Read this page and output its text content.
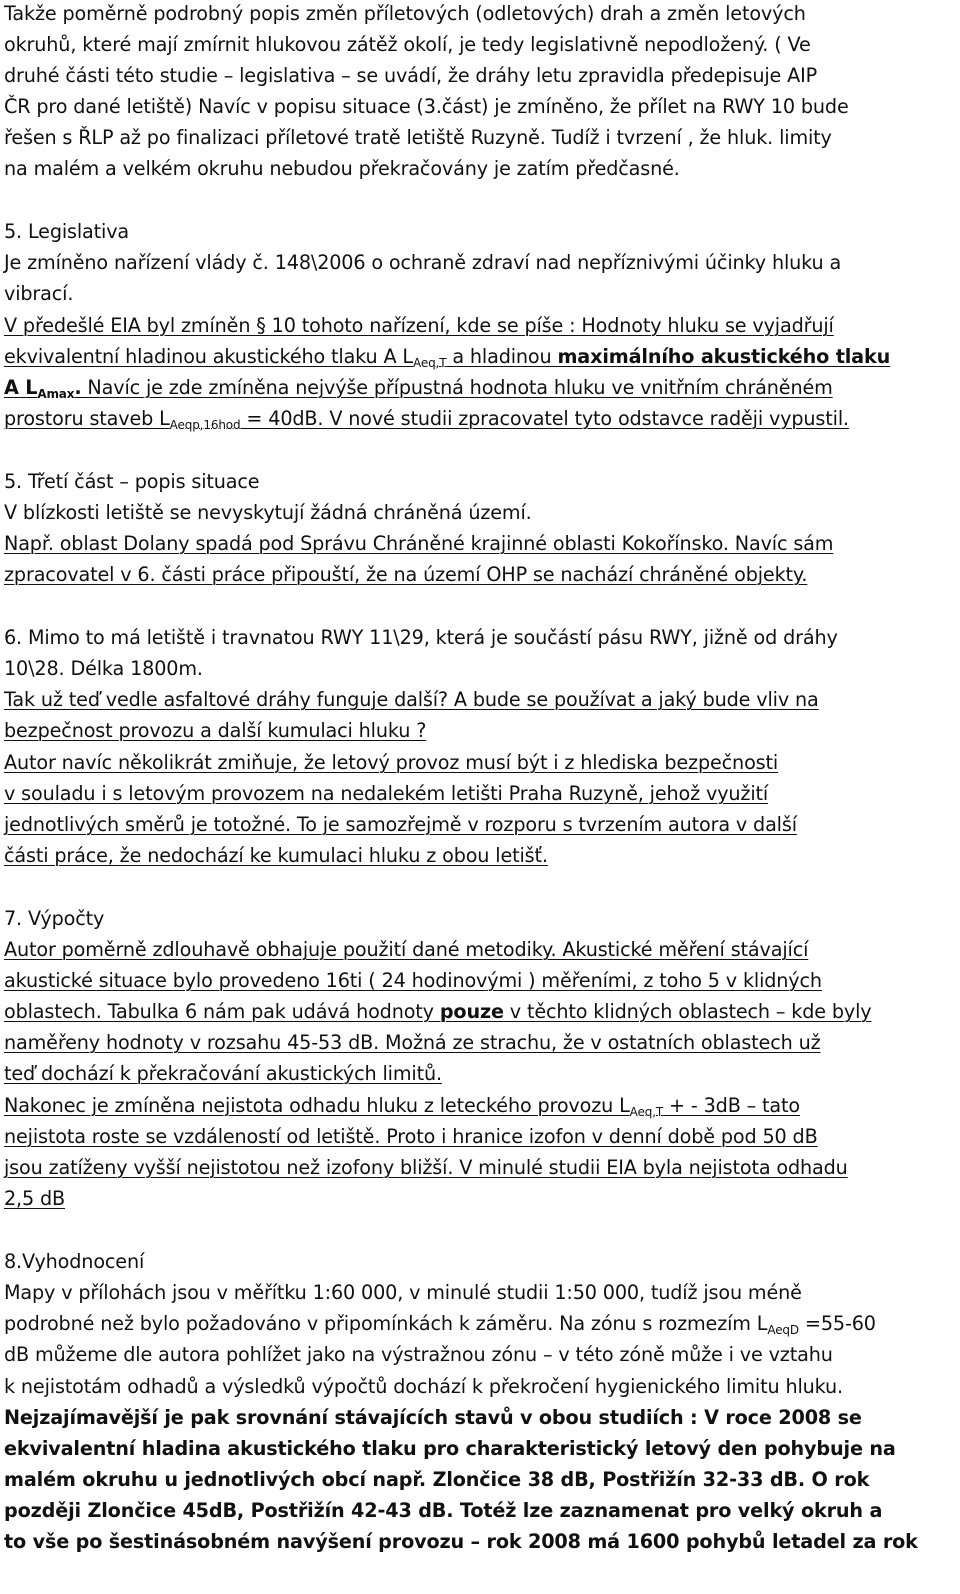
Takže poměrně podrobný popis změn příletových (odletových) drah a změn letových
okruhů, které mají zmírnit hlukovou zátěž okolí, je tedy legislativně nepodložený. ( Ve
druhé části této studie – legislativa – se uvádí, že dráhy letu zpravidla předepisuje AIP
ČR pro dané letiště) Navíc v popisu situace (3.část) je zmíněno, že přílet na RWY 10 bude
řešen s ŘLP až po finalizaci příletové tratě letiště Ruzyně. Tudíž i tvrzení , že hluk. limity
na malém a velkém okruhu nebudou překračovány je zatím předčasné.
5. Legislativa
Je zmíněno nařízení vlády č. 148\2006 o ochraně zdraví nad nepříznivými účinky hluku a
vibrací.
V předešlé EIA byl zmíněn § 10 tohoto nařízení, kde se píše : Hodnoty hluku se vyjadřují
ekvivalentní hladinou akustického tlaku A $L_{Aeq,T}$ a hladinou maximálního akustického tlaku
A $L_{Amax}$. Navíc je zde zmíněna nejvýše přípustná hodnota hluku ve vnitřním chráněném
prostoru staveb $L_{Aeqp,16hod} = 40dB$. V nové studii zpracovatel tyto odstavce raději vypustil.
5. Třetí část – popis situace
V blízkosti letiště se nevyskytují žádná chráněná území.
Např. oblast Dolany spadá pod Správu Chráněné krajinné oblasti Kokořínsko. Navíc sám
zpracovatel v 6. části práce připouští, že na území OHP se nachází chráněné objekty.
6. Mimo to má letiště i travnatou RWY 11\29, která je součástí pásu RWY, jižně od dráhy
10\28. Délka 1800m.
Tak už teď vedle asfaltové dráhy funguje další? A bude se používat a jaký bude vliv na
bezpečnost provozu a další kumulaci hluku ?
Autor navíc několikrát zmiňuje, že letový provoz musí být i z hlediska bezpečnosti
v souladu i s letovým provozem na nedalekém letišti Praha Ruzyně, jehož využití
jednotlivých směrů je totožné. To je samozřejmě v rozporu s tvrzením autora v další
části práce, že nedochází ke kumulaci hluku z obou letišť.
7. Výpočty
Autor poměrně zdlouhavě obhajuje použití dané metodiky. Akustické měření stávající
akustické situace bylo provedeno 16ti ( 24 hodinovými ) měřeními, z toho 5 v klidných
oblastech. Tabulka 6 nám pak udává hodnoty pouze v těchto klidných oblastech – kde byly
naměřeny hodnoty v rozsahu 45-53 dB. Možná ze strachu, že v ostatních oblastech už
teď dochází k překračování akustických limitů.
Nakonec je zmíněna nejistota odhadu hluku z leteckého provozu $L_{Aeq,T}$ + - 3dB – tato
nejistota roste se vzdáleností od letiště. Proto i hranice izofon v denní době pod 50 dB
jsou zatíženy vyšší nejistotou než izofony bližší. V minulé studii EIA byla nejistota odhadu
2,5 dB
8.Vyhodnocení
Mapy v přílohách jsou v měřítku 1:60 000, v minulé studii 1:50 000, tudíž jsou méně
podrobné než bylo požadováno v připomínkách k záměru. Na zónu s rozmezím $L_{AeqD} =55-60$
dB můžeme dle autora pohlížet jako na výstražnou zónu – v této zóně může i ve vztahu
k nejistotám odhadů a výsledků výpočtů dochází k překročení hygienického limitu hluku.
Nejzajímavější je pak srovnání stávajících stavů v obou studiích : V roce 2008 se
ekvivalentní hladina akustického tlaku pro charakteristický letový den pohybuje na
malém okruhu u jednotlivých obcí např. Zlončice 38 dB, Postřižín 32-33 dB. O rok
později Zlončice 45dB, Postřižín 42-43 dB. Totéž lze zaznamenat pro velký okruh a
to vše po šestinásobném navýšení provozu – rok 2008 má 1600 pohybů letadel za rok
